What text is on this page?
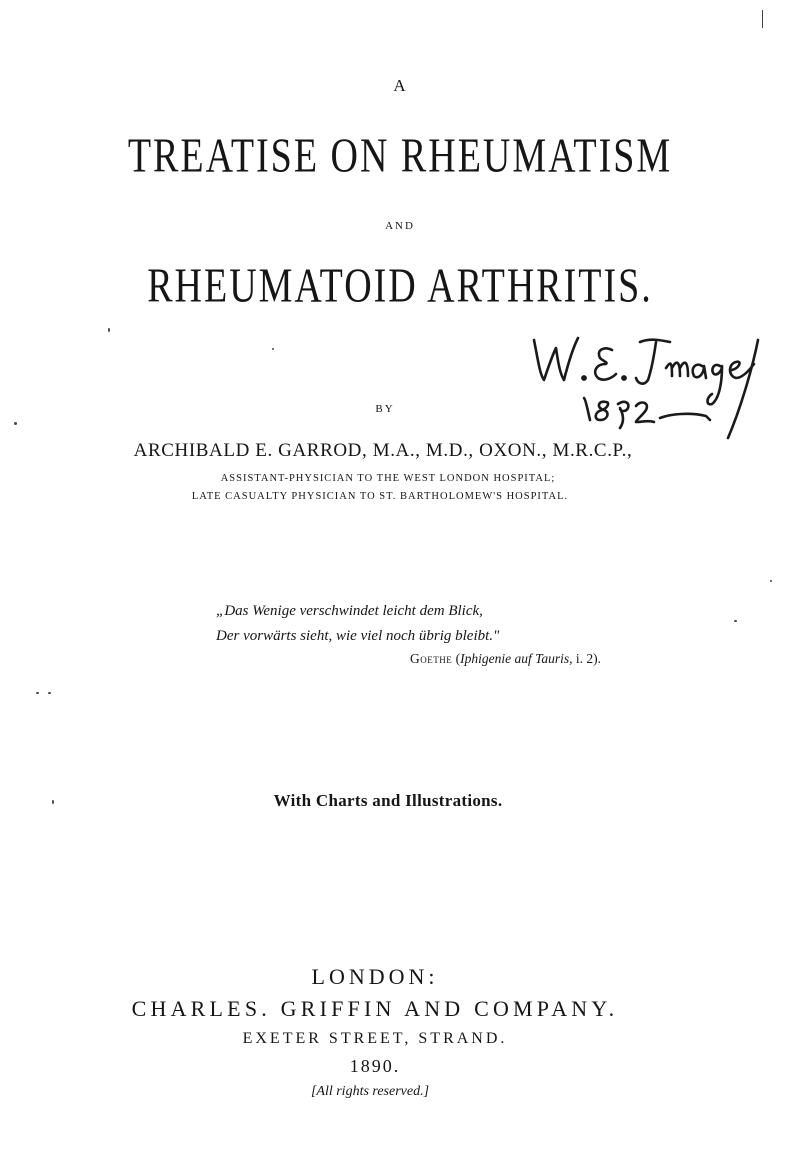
A
TREATISE ON RHEUMATISM
AND
RHEUMATOID ARTHRITIS.
BY
ARCHIBALD E. GARROD, M.A., M.D., OXON., M.R.C.P.,
ASSISTANT-PHYSICIAN TO THE WEST LONDON HOSPITAL;
LATE CASUALTY PHYSICIAN TO ST. BARTHOLOMEW'S HOSPITAL.
„Das Wenige verschwindet leicht dem Blick,
Der vorwärts sieht, wie viel noch übrig bleibt."
Goethe (Iphigenie auf Tauris, i. 2).
With Charts and Illustrations.
LONDON:
CHARLES. GRIFFIN AND COMPANY.
EXETER STREET, STRAND.
1890.
[All rights reserved.]
